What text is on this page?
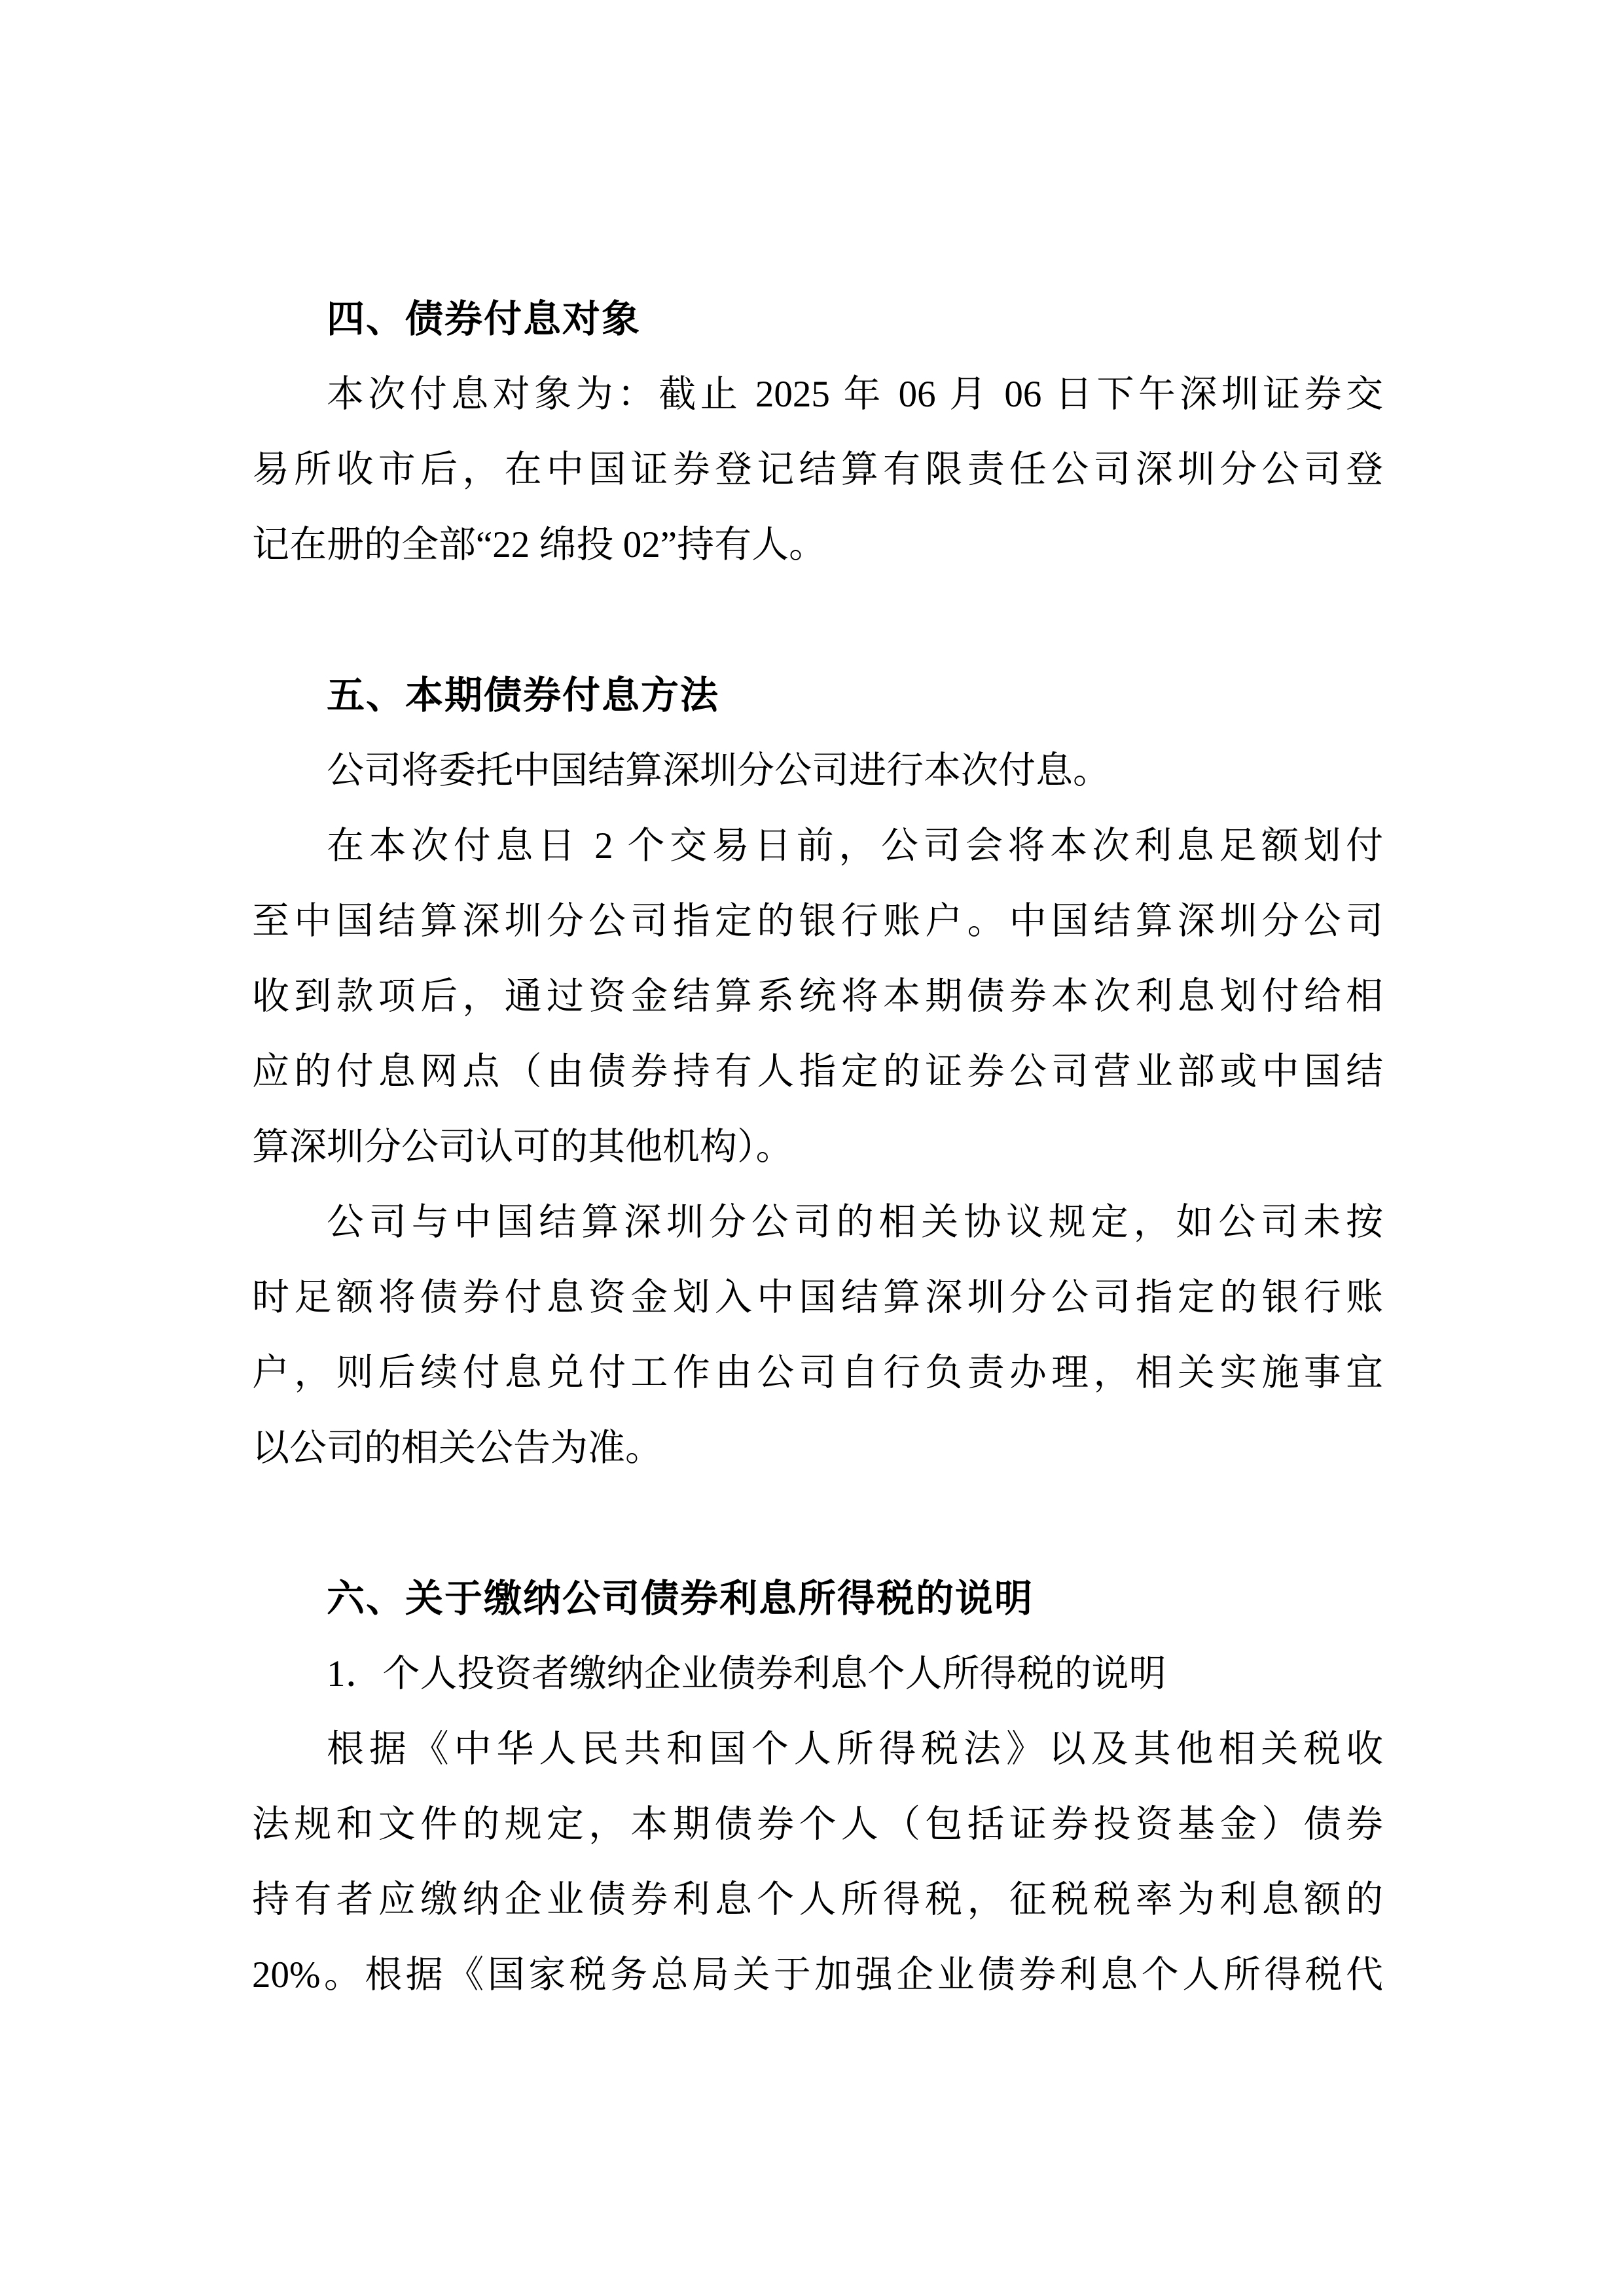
四、债券付息对象
本次付息对象为：截止 2025 年 06 月 06 日下午深圳证券交
易所收市后，在中国证券登记结算有限责任公司深圳分公司登
记在册的全部“22 绵投 02”持有人。
五、本期债券付息方法
公司将委托中国结算深圳分公司进行本次付息。
在本次付息日 2 个交易日前，公司会将本次利息足额划付
至中国结算深圳分公司指定的银行账户。中国结算深圳分公司
收到款项后，通过资金结算系统将本期债券本次利息划付给相
应的付息网点（由债券持有人指定的证券公司营业部或中国结
算深圳分公司认可的其他机构）。
公司与中国结算深圳分公司的相关协议规定，如公司未按
时足额将债券付息资金划入中国结算深圳分公司指定的银行账
户，则后续付息兑付工作由公司自行负责办理，相关实施事宜
以公司的相关公告为准。
六、关于缴纳公司债券利息所得税的说明
1．个人投资者缴纳企业债券利息个人所得税的说明
根据《中华人民共和国个人所得税法》以及其他相关税收
法规和文件的规定，本期债券个人（包括证券投资基金）债券
持有者应缴纳企业债券利息个人所得税，征税税率为利息额的
20%。根据《国家税务总局关于加强企业债券利息个人所得税代
